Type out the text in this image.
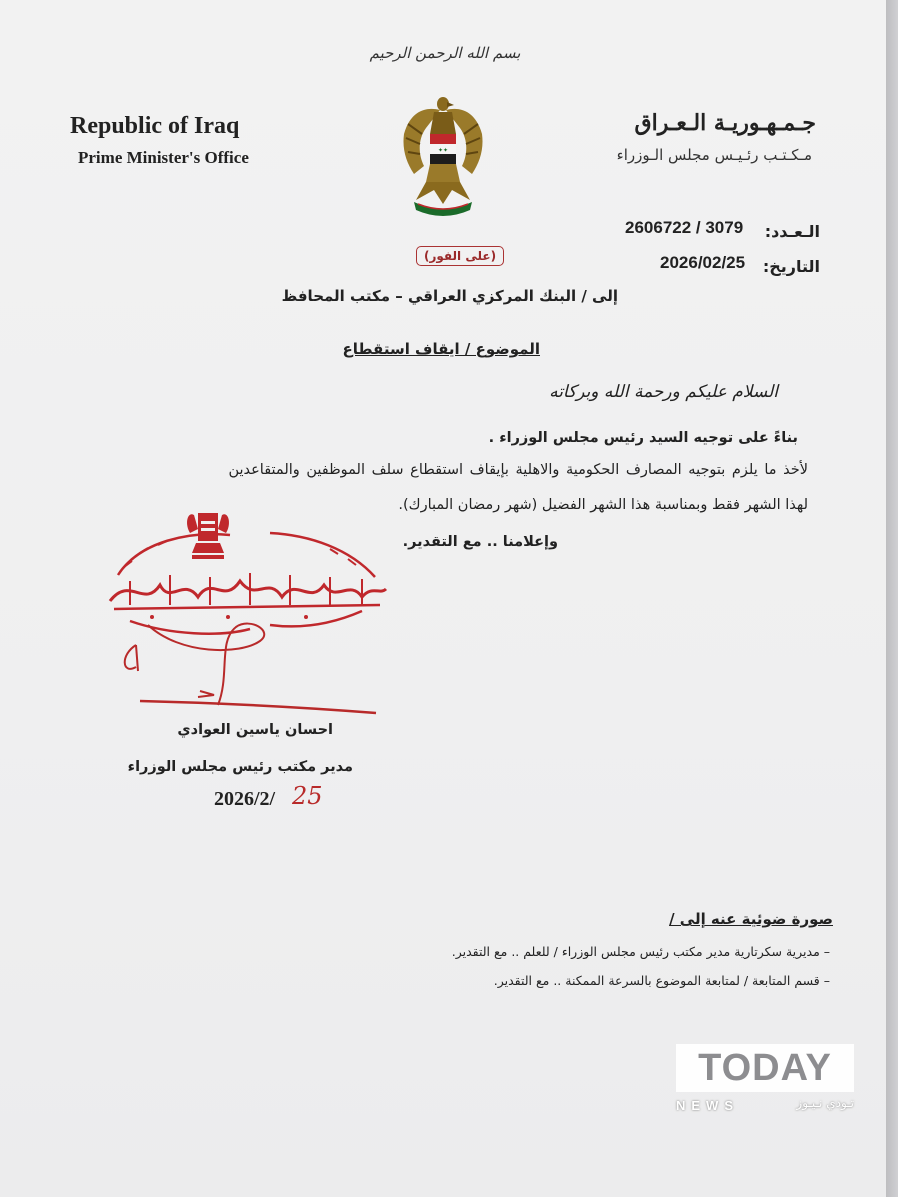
بسم الله الرحمن الرحيم
Republic of Iraq
Prime Minister's Office
جـمـهـوريـة الـعـراق
مـكـتـب رئـيـس مجلس الـوزراء
✦✦
الـعـدد:
2606722 / 3079
التاريخ:
2026/02/25
(على الفور)
إلى / البنك المركزي العراقي – مكتب المحافظ
الموضوع / ايقاف استقطاع
السلام عليكم ورحمة الله وبركاته
بناءً على توجيه السيد رئيس مجلس الوزراء .
لأخذ ما يلزم بتوجيه المصارف الحكومية والاهلية بإيقاف استقطاع سلف الموظفين والمتقاعدين
لهذا الشهر فقط وبمناسبة هذا الشهر الفضيل (شهر رمضان المبارك).
وإعلامنا .. مع التقدير.
احسان ياسين العوادي
مدير مكتب رئيس مجلس الوزراء
2026/2/ 25
صورة ضوئية عنه إلى /
– مديرية سكرتارية مدير مكتب رئيس مجلس الوزراء / للعلم .. مع التقدير.
– قسم المتابعة / لمتابعة الموضوع بالسرعة الممكنة .. مع التقدير.
TODAY
NEWS	تـودي نـيـوز
